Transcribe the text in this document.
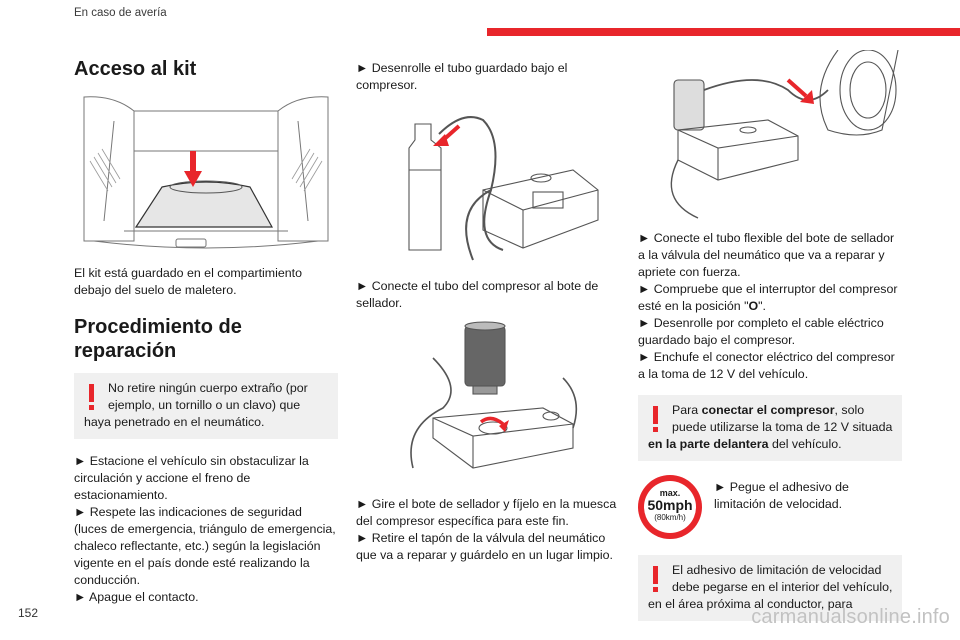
En caso de avería
Acceso al kit

El kit está guardado en el compartimiento debajo del suelo de maletero.

Procedimiento de reparación
No retire ningún cuerpo extraño (por ejemplo, un tornillo o un clavo) que haya penetrado en el neumático.
► Estacione el vehículo sin obstaculizar la circulación y accione el freno de estacionamiento.
► Respete las indicaciones de seguridad (luces de emergencia, triángulo de emergencia, chaleco reflectante, etc.) según la legislación vigente en el país donde esté realizando la conducción.
► Apague el contacto.
► Desenrolle el tubo guardado bajo el compresor.
► Conecte el tubo del compresor al bote de sellador.
► Gire el bote de sellador y fíjelo en la muesca del compresor específica para este fin.
► Retire el tapón de la válvula del neumático que va a reparar y guárdelo en un lugar limpio.
► Conecte el tubo flexible del bote de sellador a la válvula del neumático que va a reparar y apriete con fuerza.
► Compruebe que el interruptor del compresor esté en la posición "O".
► Desenrolle por completo el cable eléctrico guardado bajo el compresor.
► Enchufe el conector eléctrico del compresor a la toma de 12 V del vehículo.
Para conectar el compresor, solo puede utilizarse la toma de 12 V situada en la parte delantera del vehículo.
max.
50mph
(80km/h)
► Pegue el adhesivo de limitación de velocidad.
El adhesivo de limitación de velocidad debe pegarse en el interior del vehículo, en el área próxima al conductor, para
152	carmanualsonline.info
